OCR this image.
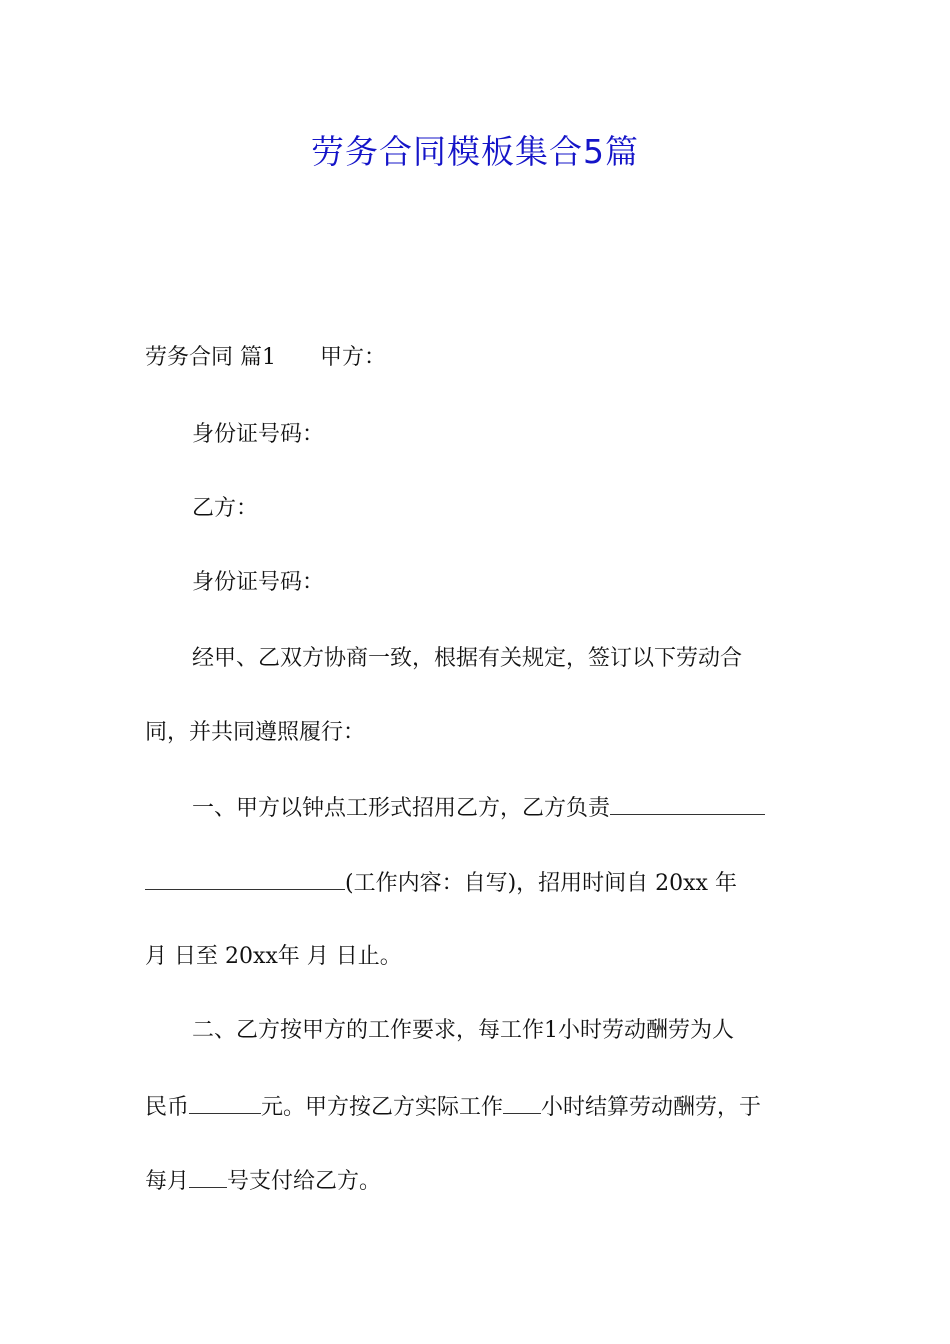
劳务合同模板集合5篇

劳务合同 篇1　　甲方：

身份证号码：

乙方：

身份证号码：

经甲、乙双方协商一致，根据有关规定，签订以下劳动合

同，并共同遵照履行：

一、甲方以钟点工形式招用乙方，乙方负责
(工作内容：自写)，招用时间自 20xx 年

月 日至 20xx年 月 日止。

二、乙方按甲方的工作要求，每工作1小时劳动酬劳为人

民币	元。甲方按乙方实际工作 小时结算劳动酬劳，于
每月 号支付给乙方。
